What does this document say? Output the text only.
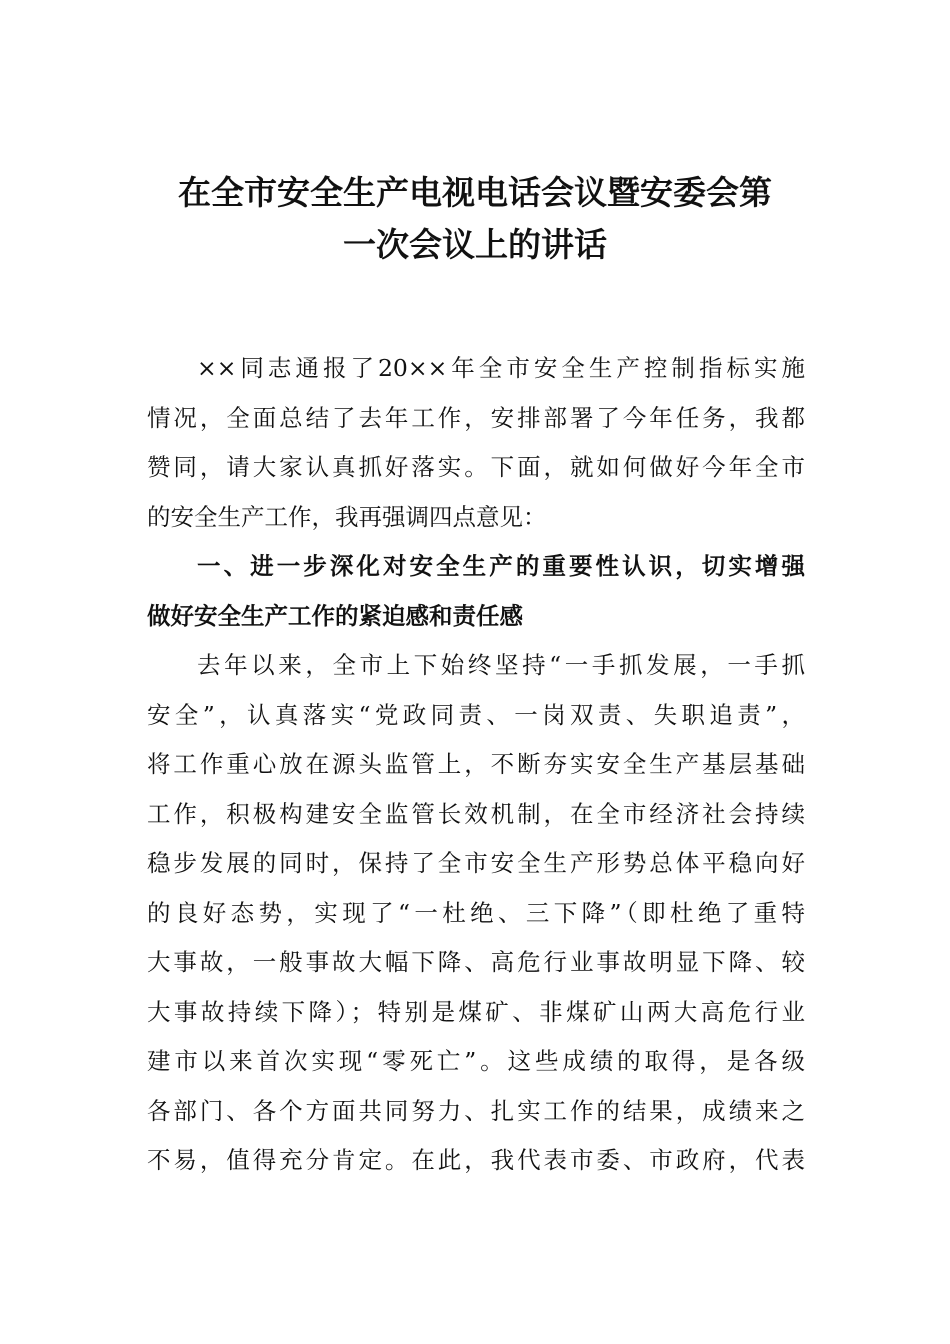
在全市安全生产电视电话会议暨安委会第
一次会议上的讲话
××同志通报了20××年全市安全生产控制指标实施
情况，全面总结了去年工作，安排部署了今年任务，我都
赞同，请大家认真抓好落实。下面，就如何做好今年全市
的安全生产工作，我再强调四点意见：
一、进一步深化对安全生产的重要性认识，切实增强
做好安全生产工作的紧迫感和责任感
去年以来，全市上下始终坚持“一手抓发展，一手抓
安全”，认真落实“党政同责、一岗双责、失职追责”，
将工作重心放在源头监管上，不断夯实安全生产基层基础
工作，积极构建安全监管长效机制，在全市经济社会持续
稳步发展的同时，保持了全市安全生产形势总体平稳向好
的良好态势，实现了“一杜绝、三下降”（即杜绝了重特
大事故，一般事故大幅下降、高危行业事故明显下降、较
大事故持续下降）；特别是煤矿、非煤矿山两大高危行业
建市以来首次实现“零死亡”。这些成绩的取得，是各级
各部门、各个方面共同努力、扎实工作的结果，成绩来之
不易，值得充分肯定。在此，我代表市委、市政府，代表
